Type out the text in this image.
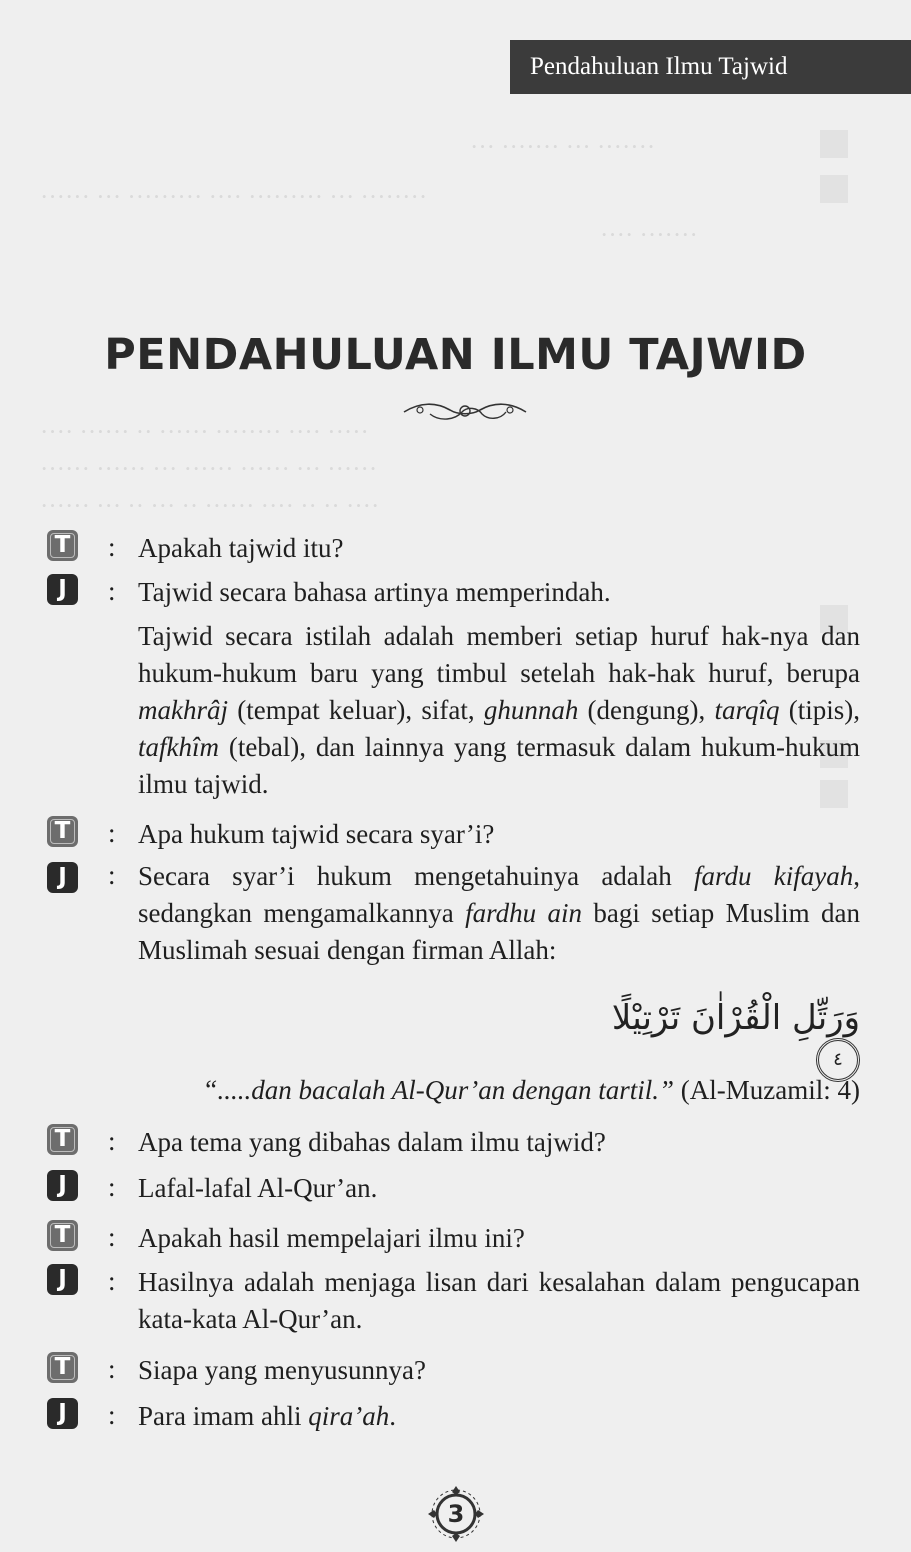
Pendahuluan Ilmu Tajwid
··· ······· ··· ·······
······ ··· ········· ···· ········· ··· ········
···· ·······
···· ······ ·· ······ ········ ···· ·····
······ ······ ··· ······ ······ ··· ······
······ ··· ·· ··· ·· ······ ···· ·· ·· ····
PENDAHULUAN ILMU TAJWID
T : Apakah tajwid itu?
J	: Tajwid secara bahasa artinya memperindah.
Tajwid secara istilah adalah memberi setiap huruf hak-nya dan hukum-hukum baru yang timbul setelah hak-hak huruf, berupa makhrâj (tempat keluar), sifat, ghunnah (dengung), tarqîq (tipis), tafkhîm (tebal), dan lainnya yang termasuk dalam hukum-hukum ilmu tajwid.
T : Apa hukum tajwid secara syar’i?
J	: Secara syar’i hukum mengetahuinya adalah fardu kifayah, sedangkan mengamalkannya fardhu ain bagi setiap Muslim dan Muslimah sesuai dengan firman Allah:
وَرَتِّلِ الْقُرْاٰنَ تَرْتِيْلًا ٤
“.....dan bacalah Al-Qur’an dengan tartil.” (Al-Muzamil: 4)
T : Apa tema yang dibahas dalam ilmu tajwid?
J	: Lafal-lafal Al-Qur’an.
T : Apakah hasil mempelajari ilmu ini?
J	: Hasilnya adalah menjaga lisan dari kesalahan dalam pengucapan kata-kata Al-Qur’an.
T : Siapa yang menyusunnya?
J	: Para imam ahli qira’ah.
3
